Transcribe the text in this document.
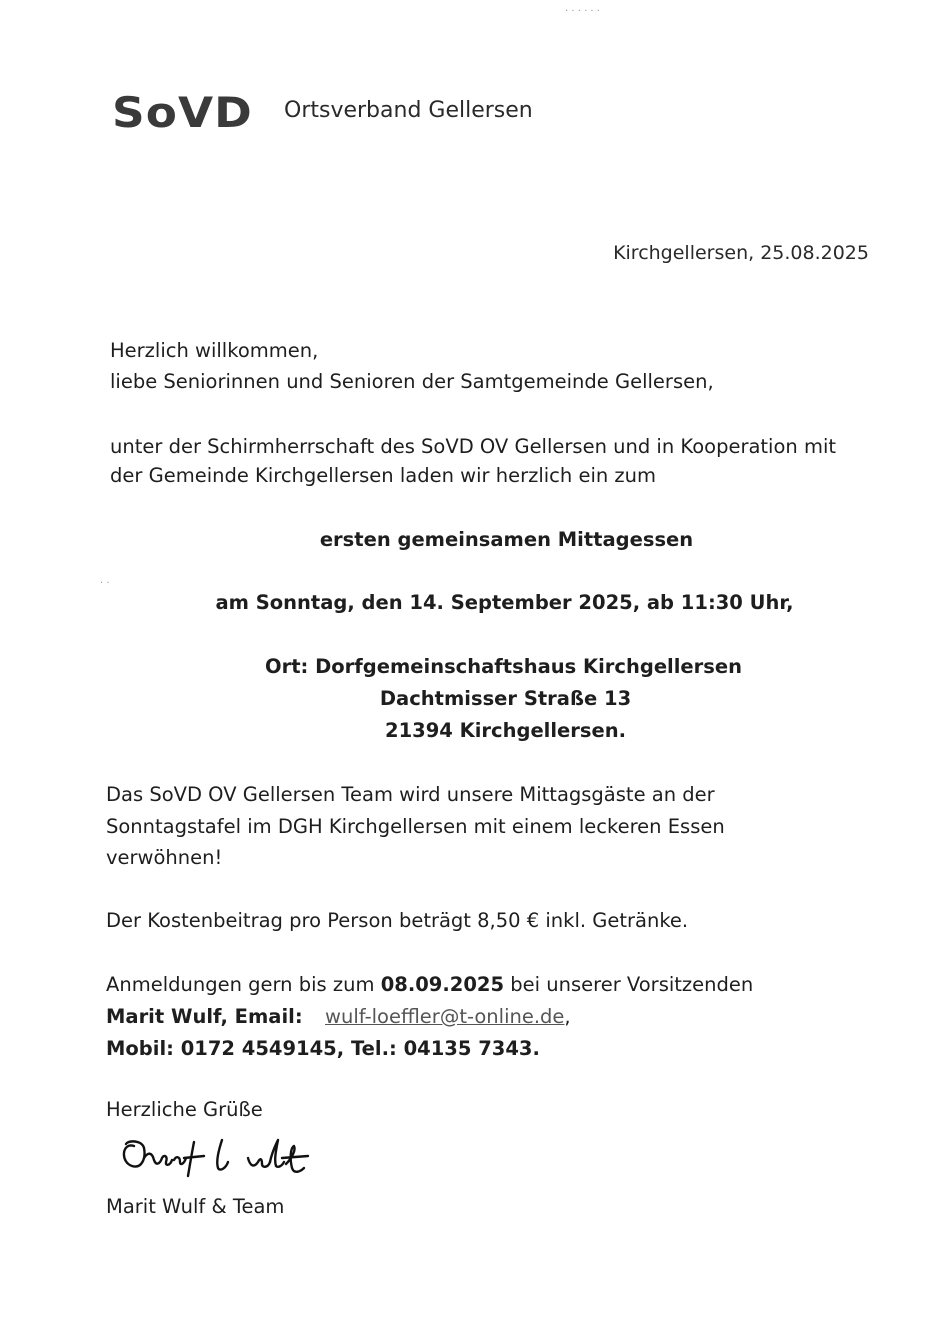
· · · · · ·
SoVD Ortsverband Gellersen
Kirchgellersen, 25.08.2025
Herzlich willkommen,
liebe Seniorinnen und Senioren der Samtgemeinde Gellersen,
unter der Schirmherrschaft des SoVD OV Gellersen und in Kooperation mit
der Gemeinde Kirchgellersen laden wir herzlich ein zum
ersten gemeinsamen Mittagessen
· ·
am Sonntag, den 14. September 2025, ab 11:30 Uhr,
Ort: Dorfgemeinschaftshaus Kirchgellersen
Dachtmisser Straße 13
21394 Kirchgellersen.
Das SoVD OV Gellersen Team wird unsere Mittagsgäste an der
Sonntagstafel im DGH Kirchgellersen mit einem leckeren Essen
verwöhnen!
Der Kostenbeitrag pro Person beträgt 8,50 € inkl. Getränke.
Anmeldungen gern bis zum 08.09.2025 bei unserer Vorsitzenden
Marit Wulf, Email: wulf-loeffler@t-online.de,
Mobil: 0172 4549145, Tel.: 04135 7343.
Herzliche Grüße
Marit Wulf & Team
